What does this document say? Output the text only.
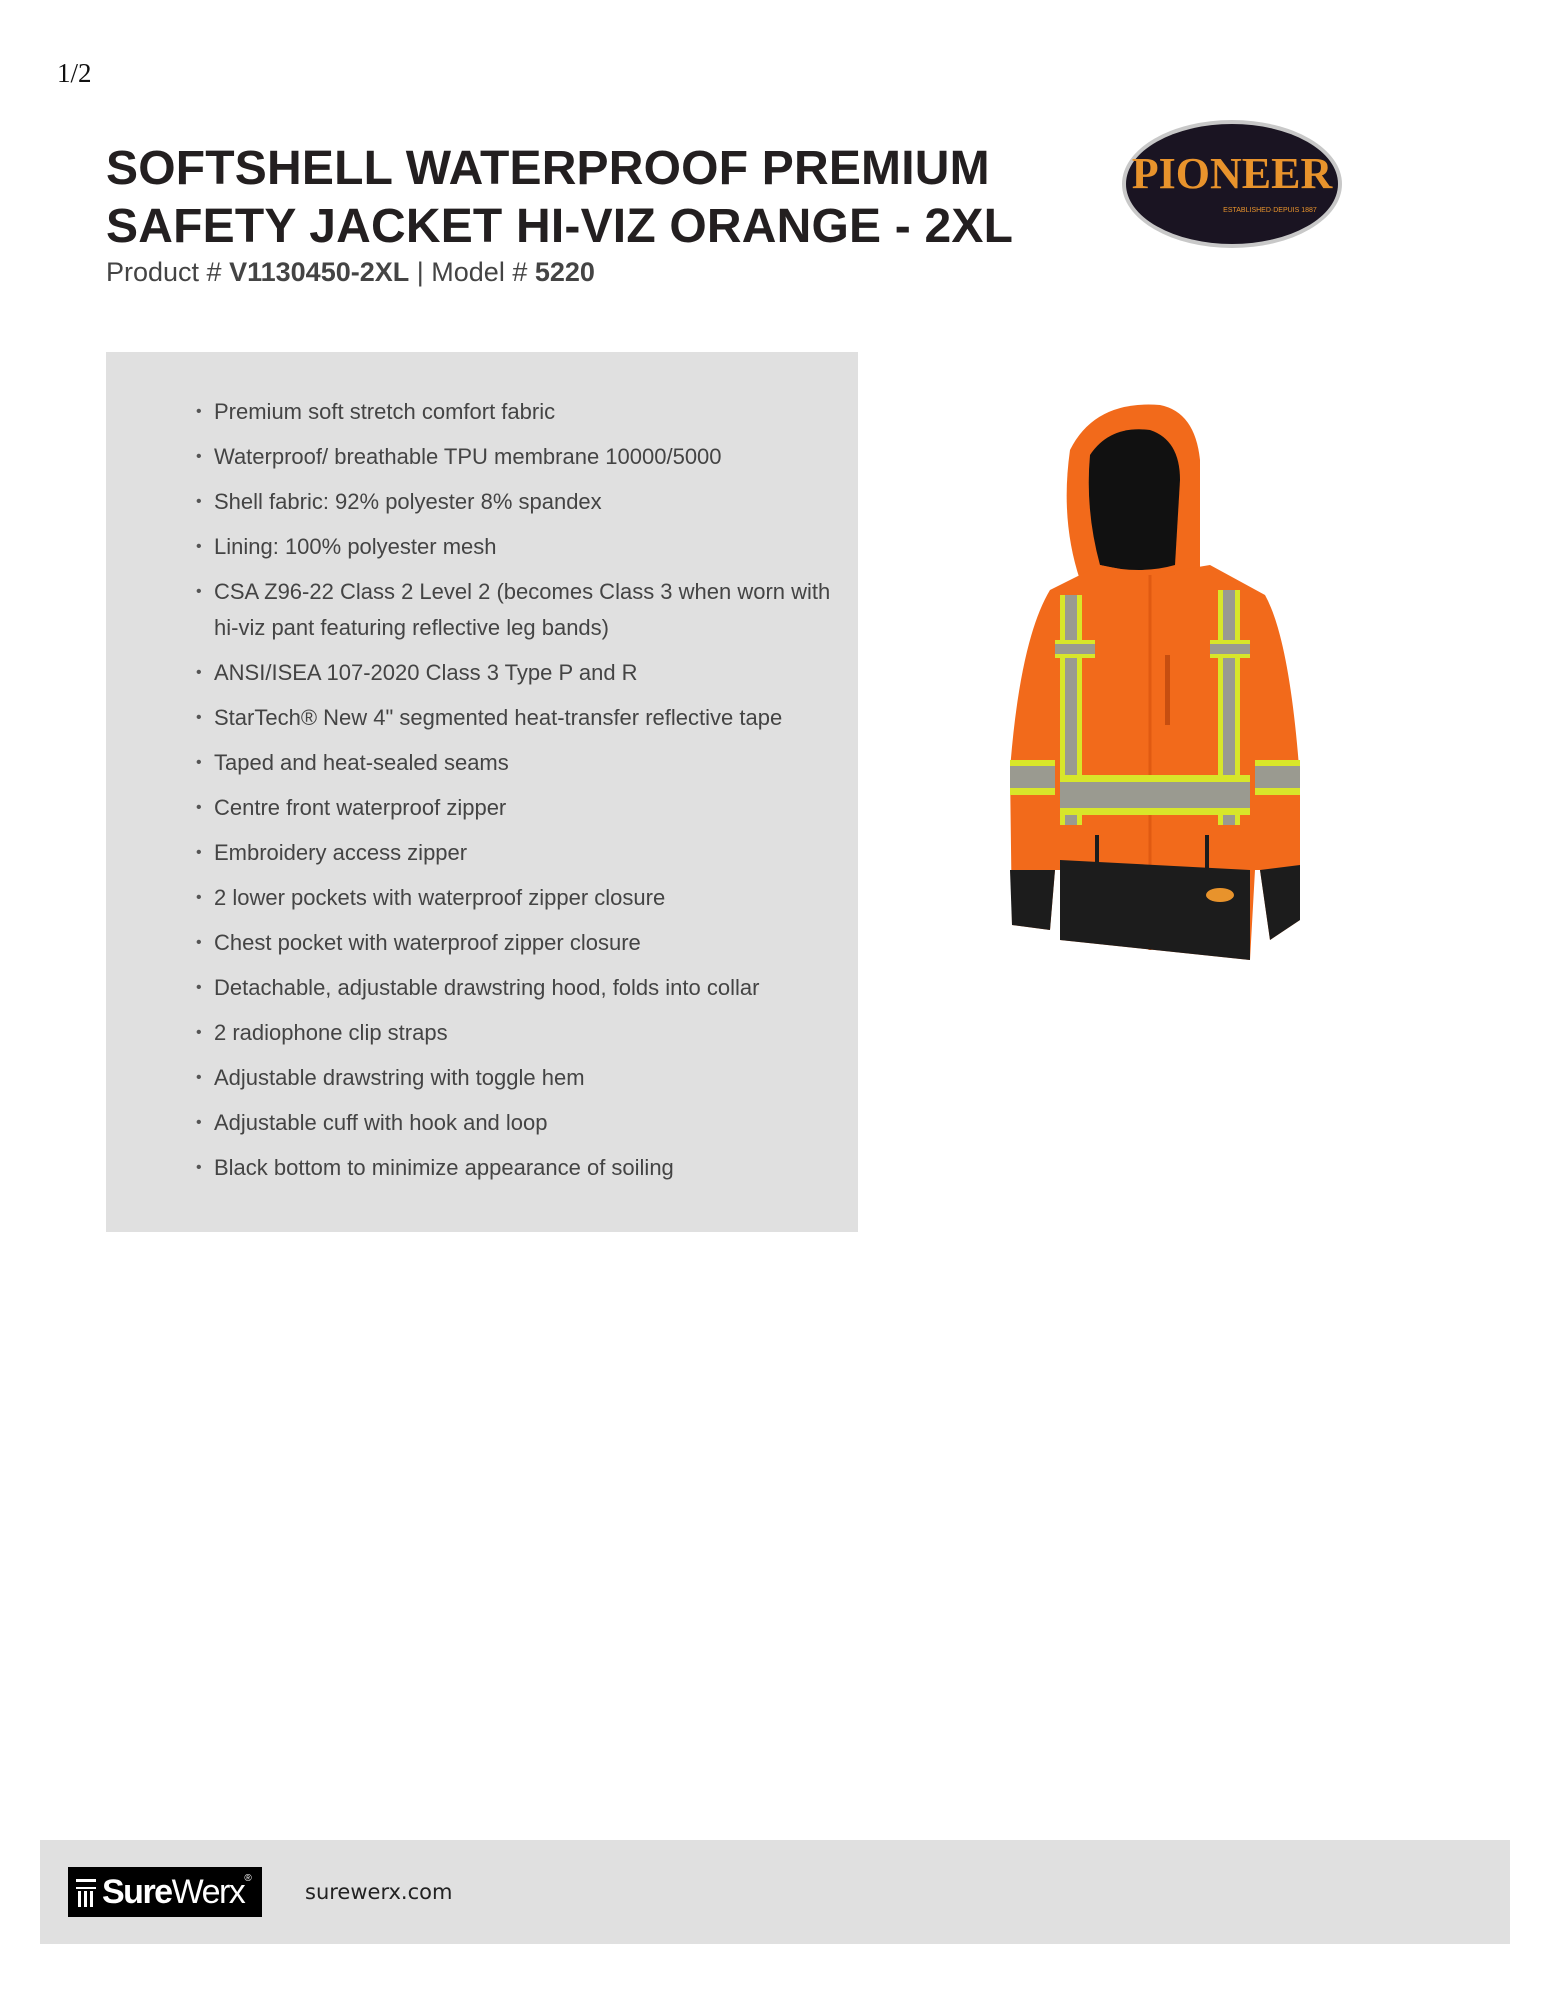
1/2
SOFTSHELL WATERPROOF PREMIUM SAFETY JACKET HI-VIZ ORANGE - 2XL
Product # V1130450-2XL | Model # 5220
PIONEER
ESTABLISHED·DEPUIS 1887
• Premium soft stretch comfort fabric
• Waterproof/ breathable TPU membrane 10000/5000
• Shell fabric: 92% polyester 8% spandex
• Lining: 100% polyester mesh
• CSA Z96-22 Class 2 Level 2 (becomes Class 3 when worn with hi-viz pant featuring reflective leg bands)
• ANSI/ISEA 107-2020 Class 3 Type P and R
• StarTech® New 4" segmented heat-transfer reflective tape
• Taped and heat-sealed seams
• Centre front waterproof zipper
• Embroidery access zipper
• 2 lower pockets with waterproof zipper closure
• Chest pocket with waterproof zipper closure
• Detachable, adjustable drawstring hood, folds into collar
• 2 radiophone clip straps
• Adjustable drawstring with toggle hem
• Adjustable cuff with hook and loop
• Black bottom to minimize appearance of soiling
SureWerx®
surewerx.com
